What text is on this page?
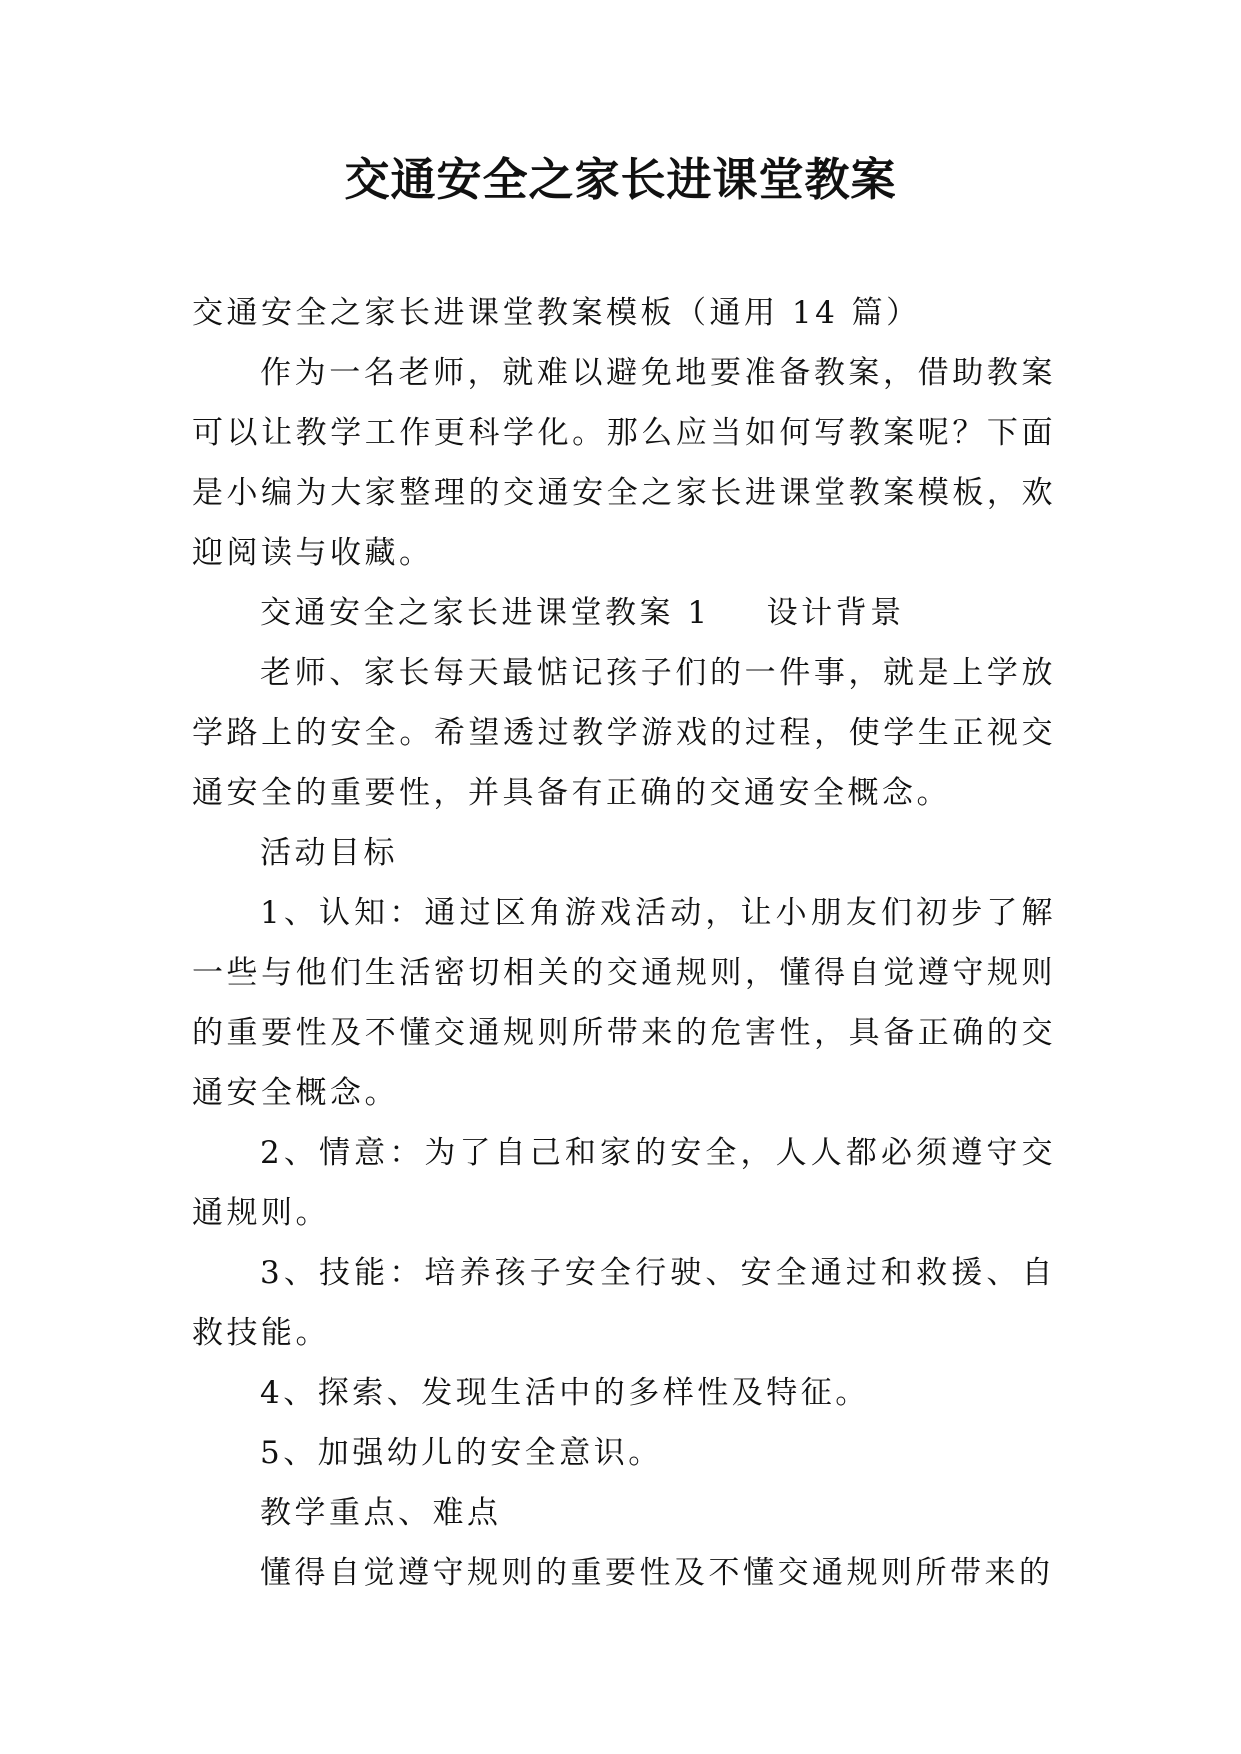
交通安全之家长进课堂教案

交通安全之家长进课堂教案模板（通用 14 篇）

作为一名老师，就难以避免地要准备教案，借助教案可以让教学工作更科学化。那么应当如何写教案呢？下面是小编为大家整理的交通安全之家长进课堂教案模板，欢迎阅读与收藏。

交通安全之家长进课堂教案 1 设计背景

老师、家长每天最惦记孩子们的一件事，就是上学放学路上的安全。希望透过教学游戏的过程，使学生正视交通安全的重要性，并具备有正确的交通安全概念。

活动目标

1、认知：通过区角游戏活动，让小朋友们初步了解一些与他们生活密切相关的交通规则，懂得自觉遵守规则的重要性及不懂交通规则所带来的危害性，具备正确的交通安全概念。

2、情意：为了自己和家的安全，人人都必须遵守交通规则。

3、技能：培养孩子安全行驶、安全通过和救援、自救技能。

4、探索、发现生活中的多样性及特征。

5、加强幼儿的安全意识。

教学重点、难点

懂得自觉遵守规则的重要性及不懂交通规则所带来的
